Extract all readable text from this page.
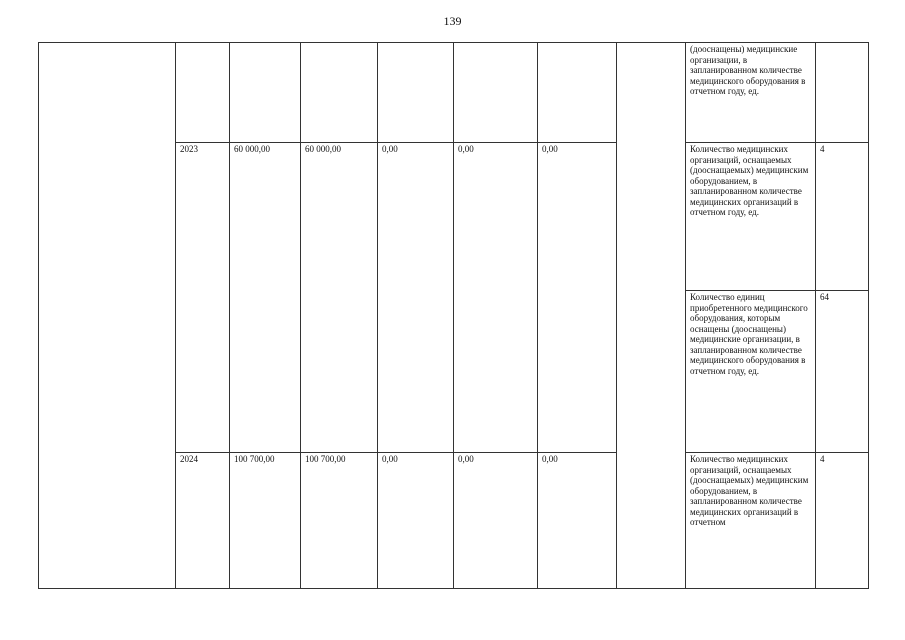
139
								(дооснащены) медицинские организации, в запланированном количестве медицинского оборудования в отчетном году, ед.	
	2023	60 000,00	60 000,00	0,00	0,00	0,00		Количество медицинских организаций, оснащаемых (дооснащаемых) медицинским оборудованием, в запланированном количестве медицинских организаций в отчетном году, ед.	4
								Количество единиц приобретенного медицинского оборудования, которым оснащены (дооснащены) медицинские организации, в запланированном количестве медицинского оборудования в отчетном году, ед.	64
	2024	100 700,00	100 700,00	0,00	0,00	0,00		Количество медицинских организаций, оснащаемых (дооснащаемых) медицинским оборудованием, в запланированном количестве медицинских организаций в отчетном	4
